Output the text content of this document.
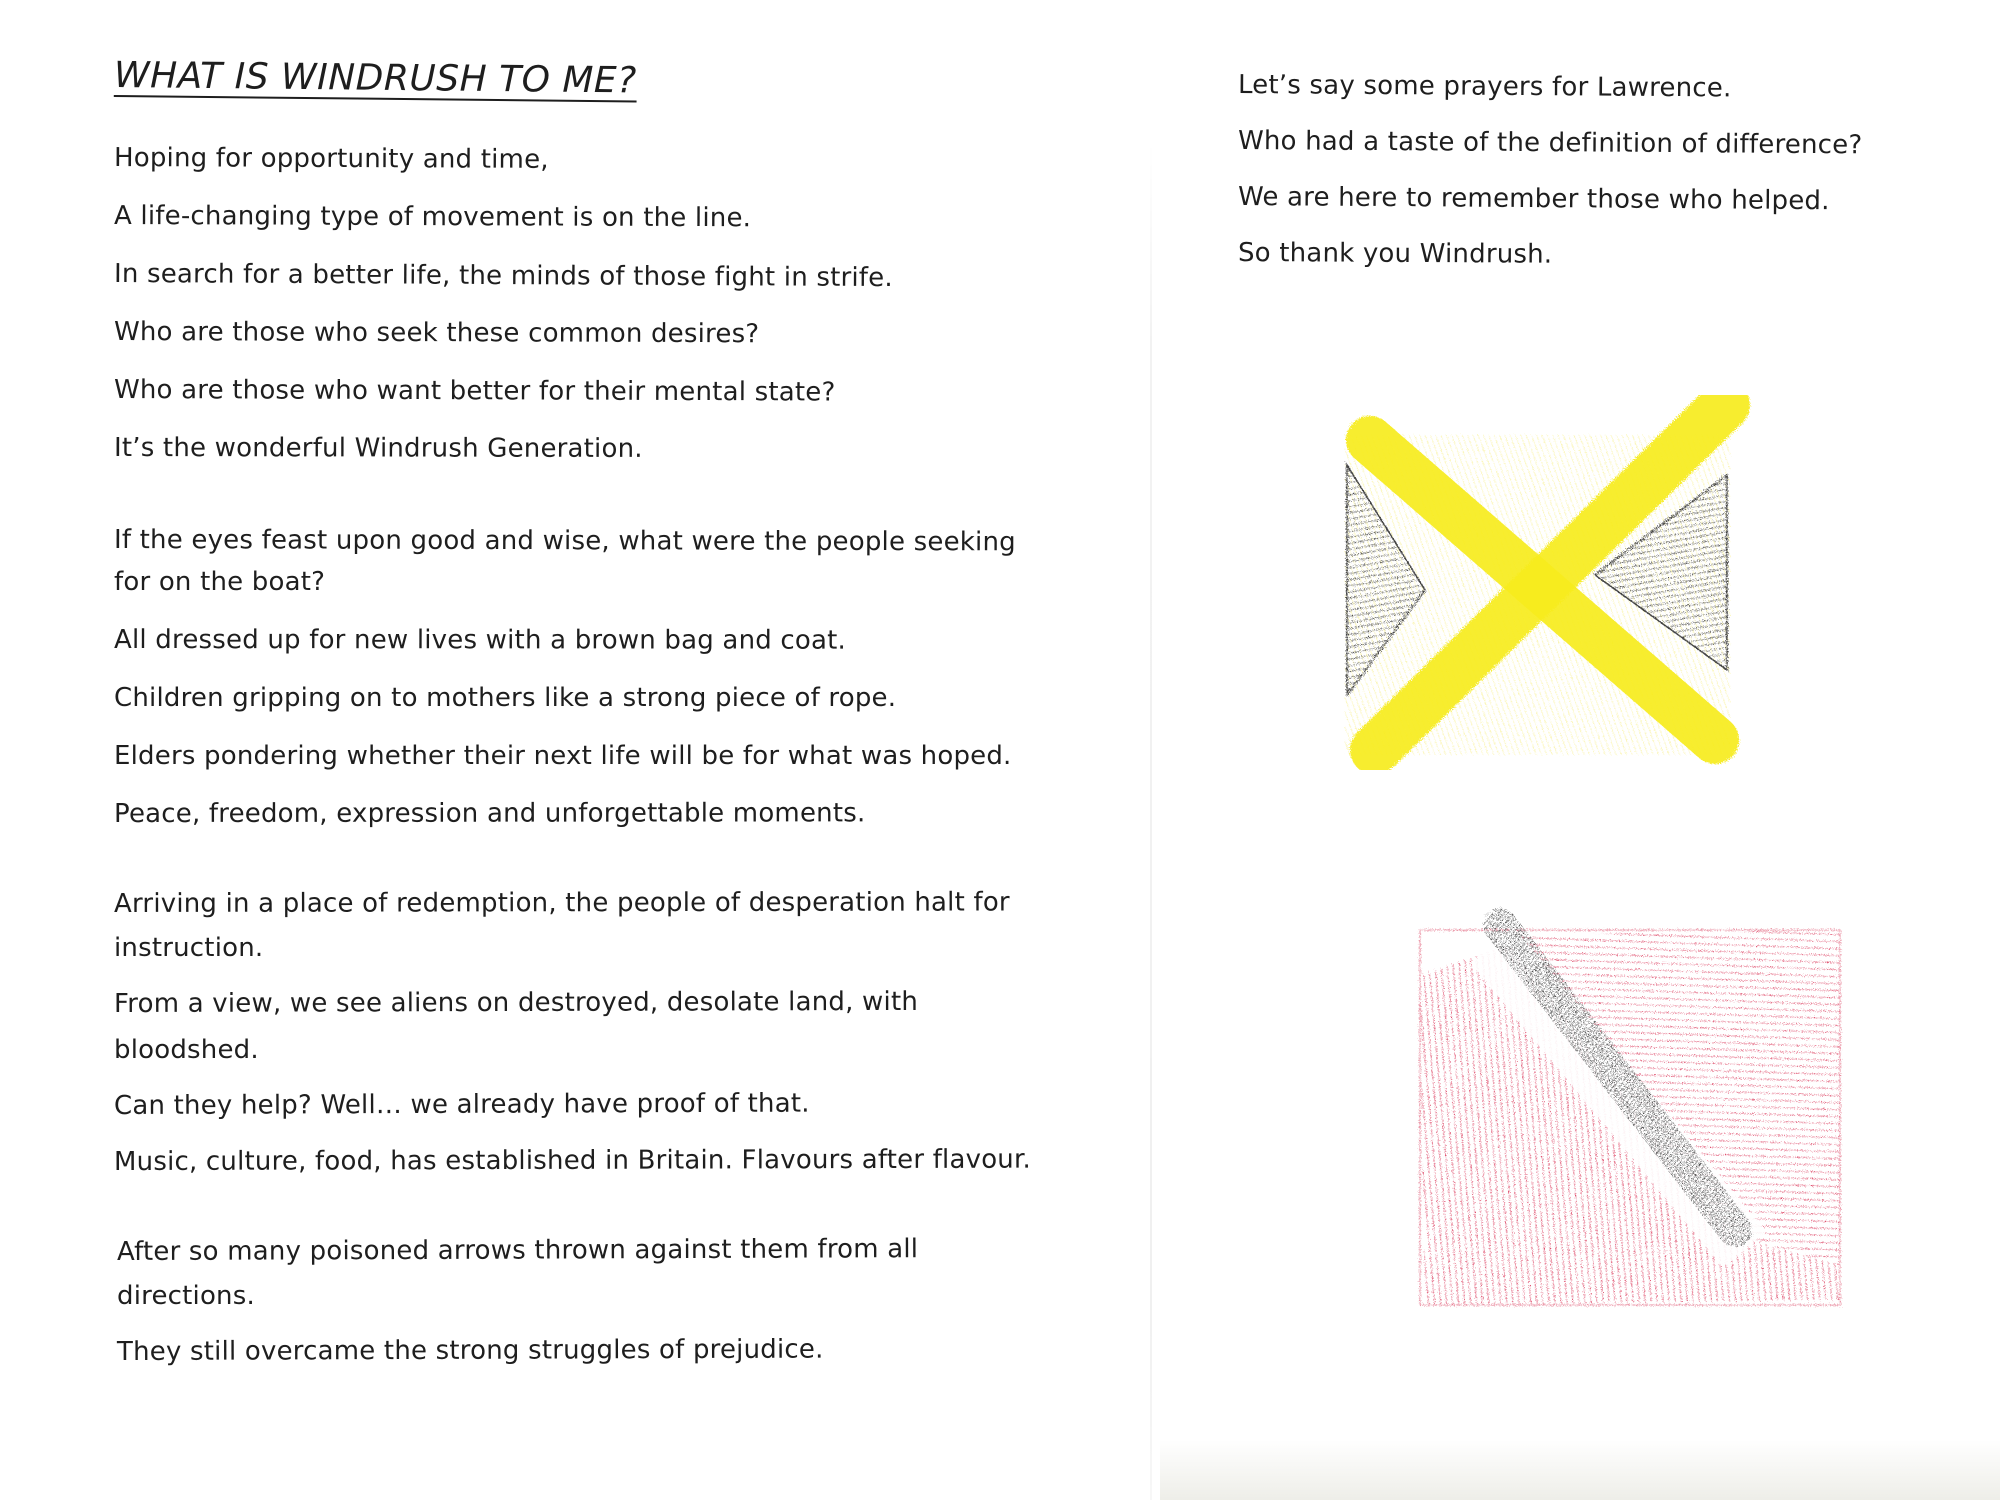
WHAT IS WINDRUSH TO ME?

Hoping for opportunity and time,

A life-changing type of movement is on the line.

In search for a better life, the minds of those fight in strife.

Who are those who seek these common desires?

Who are those who want better for their mental state?

It’s the wonderful Windrush Generation.

If the eyes feast upon good and wise, what were the people seeking

for on the boat?

All dressed up for new lives with a brown bag and coat.

Children gripping on to mothers like a strong piece of rope.

Elders pondering whether their next life will be for what was hoped.

Peace, freedom, expression and unforgettable moments.

Arriving in a place of redemption, the people of desperation halt for

instruction.

From a view, we see aliens on destroyed, desolate land, with

bloodshed.

Can they help? Well… we already have proof of that.

Music, culture, food, has established in Britain. Flavours after flavour.

After so many poisoned arrows thrown against them from all

directions.

They still overcame the strong struggles of prejudice.

Let’s say some prayers for Lawrence.

Who had a taste of the definition of difference?

We are here to remember those who helped.

So thank you Windrush.
